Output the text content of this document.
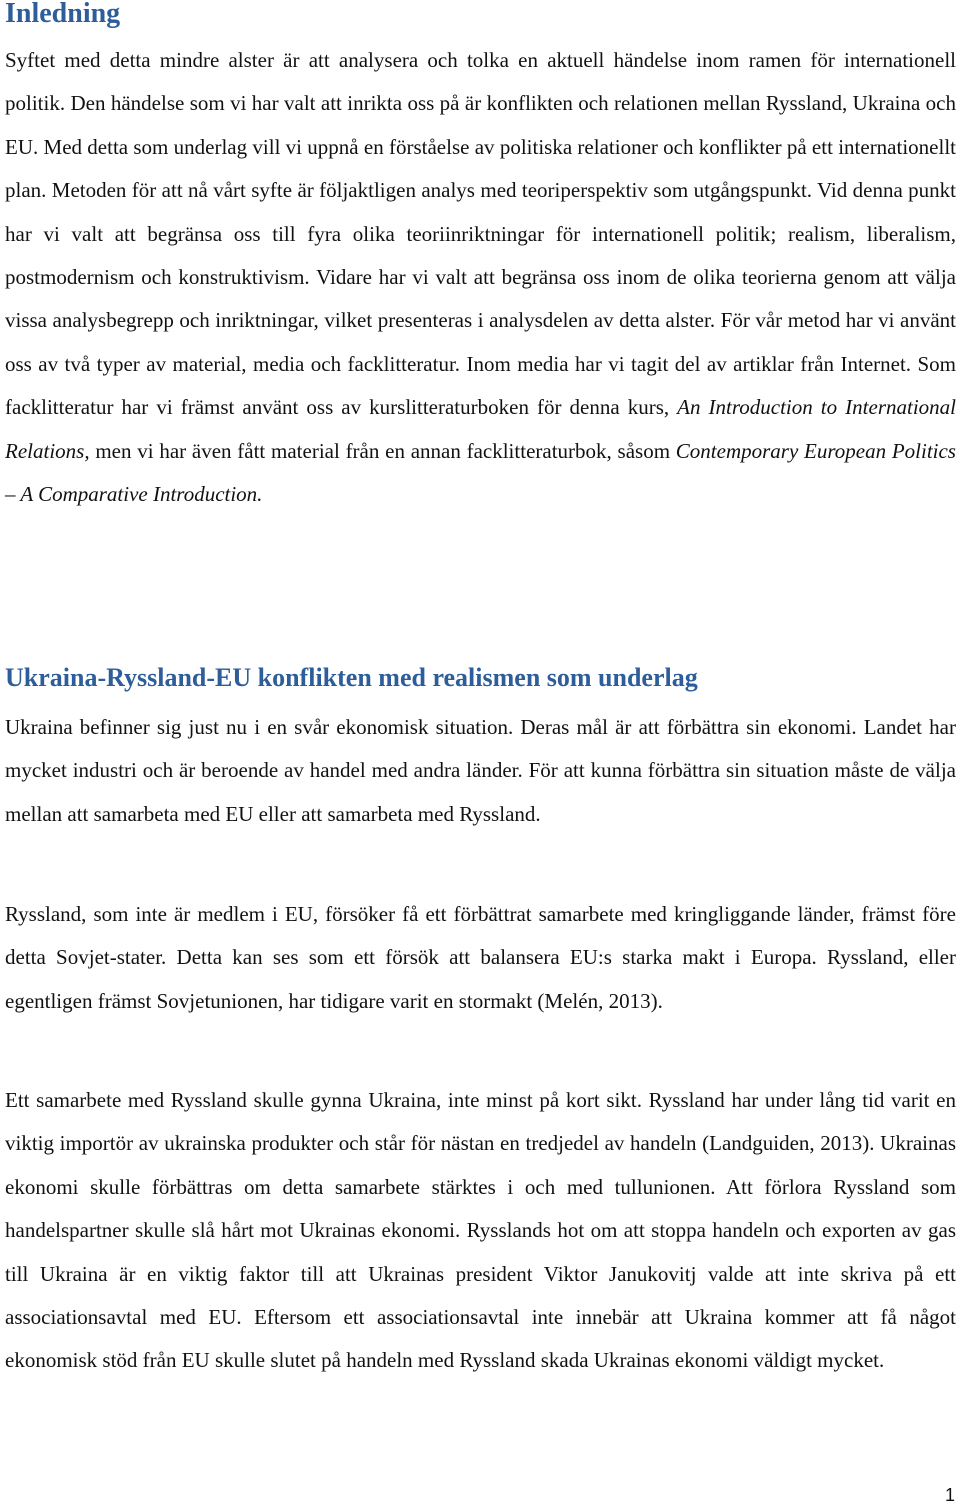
Inledning

Syftet med detta mindre alster är att analysera och tolka en aktuell händelse inom ramen för internationell politik. Den händelse som vi har valt att inrikta oss på är konflikten och relationen mellan Ryssland, Ukraina och EU. Med detta som underlag vill vi uppnå en förståelse av politiska relationer och konflikter på ett internationellt plan. Metoden för att nå vårt syfte är följaktligen analys med teoriperspektiv som utgångspunkt. Vid denna punkt har vi valt att begränsa oss till fyra olika teoriinriktningar för internationell politik; realism, liberalism, postmodernism och konstruktivism. Vidare har vi valt att begränsa oss inom de olika teorierna genom att välja vissa analysbegrepp och inriktningar, vilket presenteras i analysdelen av detta alster. För vår metod har vi använt oss av två typer av material, media och facklitteratur. Inom media har vi tagit del av artiklar från Internet. Som facklitteratur har vi främst använt oss av kurslitteraturboken för denna kurs, An Introduction to International Relations, men vi har även fått material från en annan facklitteraturbok, såsom Contemporary European Politics – A Comparative Introduction.

Ukraina-Ryssland-EU konflikten med realismen som underlag

Ukraina befinner sig just nu i en svår ekonomisk situation. Deras mål är att förbättra sin ekonomi. Landet har mycket industri och är beroende av handel med andra länder. För att kunna förbättra sin situation måste de välja mellan att samarbeta med EU eller att samarbeta med Ryssland.

Ryssland, som inte är medlem i EU, försöker få ett förbättrat samarbete med kringliggande länder, främst före detta Sovjet-stater. Detta kan ses som ett försök att balansera EU:s starka makt i Europa. Ryssland, eller egentligen främst Sovjetunionen, har tidigare varit en stormakt (Melén, 2013).

Ett samarbete med Ryssland skulle gynna Ukraina, inte minst på kort sikt. Ryssland har under lång tid varit en viktig importör av ukrainska produkter och står för nästan en tredjedel av handeln (Landguiden, 2013). Ukrainas ekonomi skulle förbättras om detta samarbete stärktes i och med tullunionen. Att förlora Ryssland som handelspartner skulle slå hårt mot Ukrainas ekonomi. Rysslands hot om att stoppa handeln och exporten av gas till Ukraina är en viktig faktor till att Ukrainas president Viktor Janukovitj valde att inte skriva på ett associationsavtal med EU. Eftersom ett associationsavtal inte innebär att Ukraina kommer att få något ekonomisk stöd från EU skulle slutet på handeln med Ryssland skada Ukrainas ekonomi väldigt mycket.

1
